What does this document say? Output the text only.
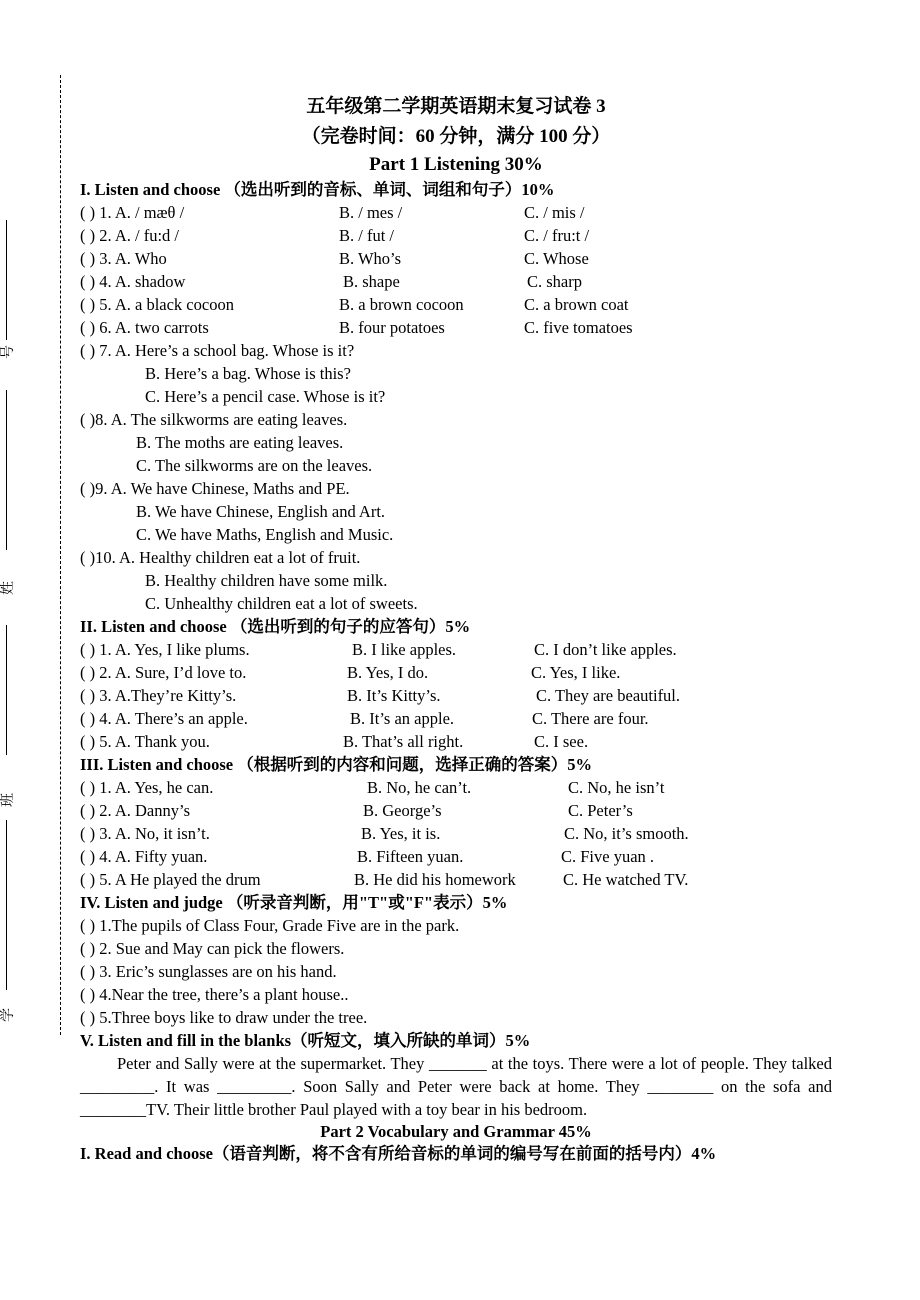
号
姓
班
学
五年级第二学期英语期末复习试卷 3
（完卷时间：60 分钟，满分 100 分）
Part 1 Listening 30%
I. Listen and choose （选出听到的音标、单词、词组和句子）10%
( ) 1. A. / mæθ /	B. / mes /	C. / mis /
( ) 2. A. / fu:d /	B. / fut /	C. / fru:t /
( ) 3. A. Who	B. Who’s	C. Whose
( ) 4. A. shadow	B. shape	C. sharp
( ) 5. A. a black cocoon	B. a brown cocoon	C. a brown coat
( ) 6. A. two carrots	B. four potatoes	C. five tomatoes
( ) 7. A. Here’s a school bag. Whose is it?
B. Here’s a bag. Whose is this?
C. Here’s a pencil case. Whose is it?
( )8. A. The silkworms are eating leaves.
B. The moths are eating leaves.
C. The silkworms are on the leaves.
( )9. A. We have Chinese, Maths and PE.
B. We have Chinese, English and Art.
C. We have Maths, English and Music.
( )10. A. Healthy children eat a lot of fruit.
B. Healthy children have some milk.
C. Unhealthy children eat a lot of sweets.
II. Listen and choose （选出听到的句子的应答句）5%
( ) 1. A. Yes, I like plums.	B. I like apples.	C. I don’t like apples.
( ) 2. A. Sure, I’d love to.	B. Yes, I do.	C. Yes, I like.
( ) 3. A.They’re Kitty’s.	B. It’s Kitty’s.	C. They are beautiful.
( ) 4. A. There’s an apple.	B. It’s an apple.	C. There are four.
( ) 5. A. Thank you.	B. That’s all right.	C. I see.
III. Listen and choose （根据听到的内容和问题，选择正确的答案）5%
( ) 1. A. Yes, he can.	B. No, he can’t.	C. No, he isn’t
( ) 2. A. Danny’s	B. George’s	C. Peter’s
( ) 3. A. No, it isn’t.	B. Yes, it is.	C. No, it’s smooth.
( ) 4. A. Fifty yuan.	B. Fifteen yuan.	C. Five yuan .
( ) 5. A He played the drum	B. He did his homework	C. He watched TV.
IV. Listen and judge （听录音判断，用"T"或"F"表示）5%
( ) 1.The pupils of Class Four, Grade Five are in the park.
( ) 2. Sue and May can pick the flowers.
( ) 3. Eric’s sunglasses are on his hand.
( ) 4.Near the tree, there’s a plant house..
( ) 5.Three boys like to draw under the tree.
V. Listen and fill in the blanks（听短文，填入所缺的单词）5%
Peter and Sally were at the supermarket. They _______ at the toys. There were a lot of people. They talked _________. It was _________. Soon Sally and Peter were back at home. They ________ on the sofa and ________TV. Their little brother Paul played with a toy bear in his bedroom.
Part 2 Vocabulary and Grammar 45%
I. Read and choose（语音判断，将不含有所给音标的单词的编号写在前面的括号内）4%
